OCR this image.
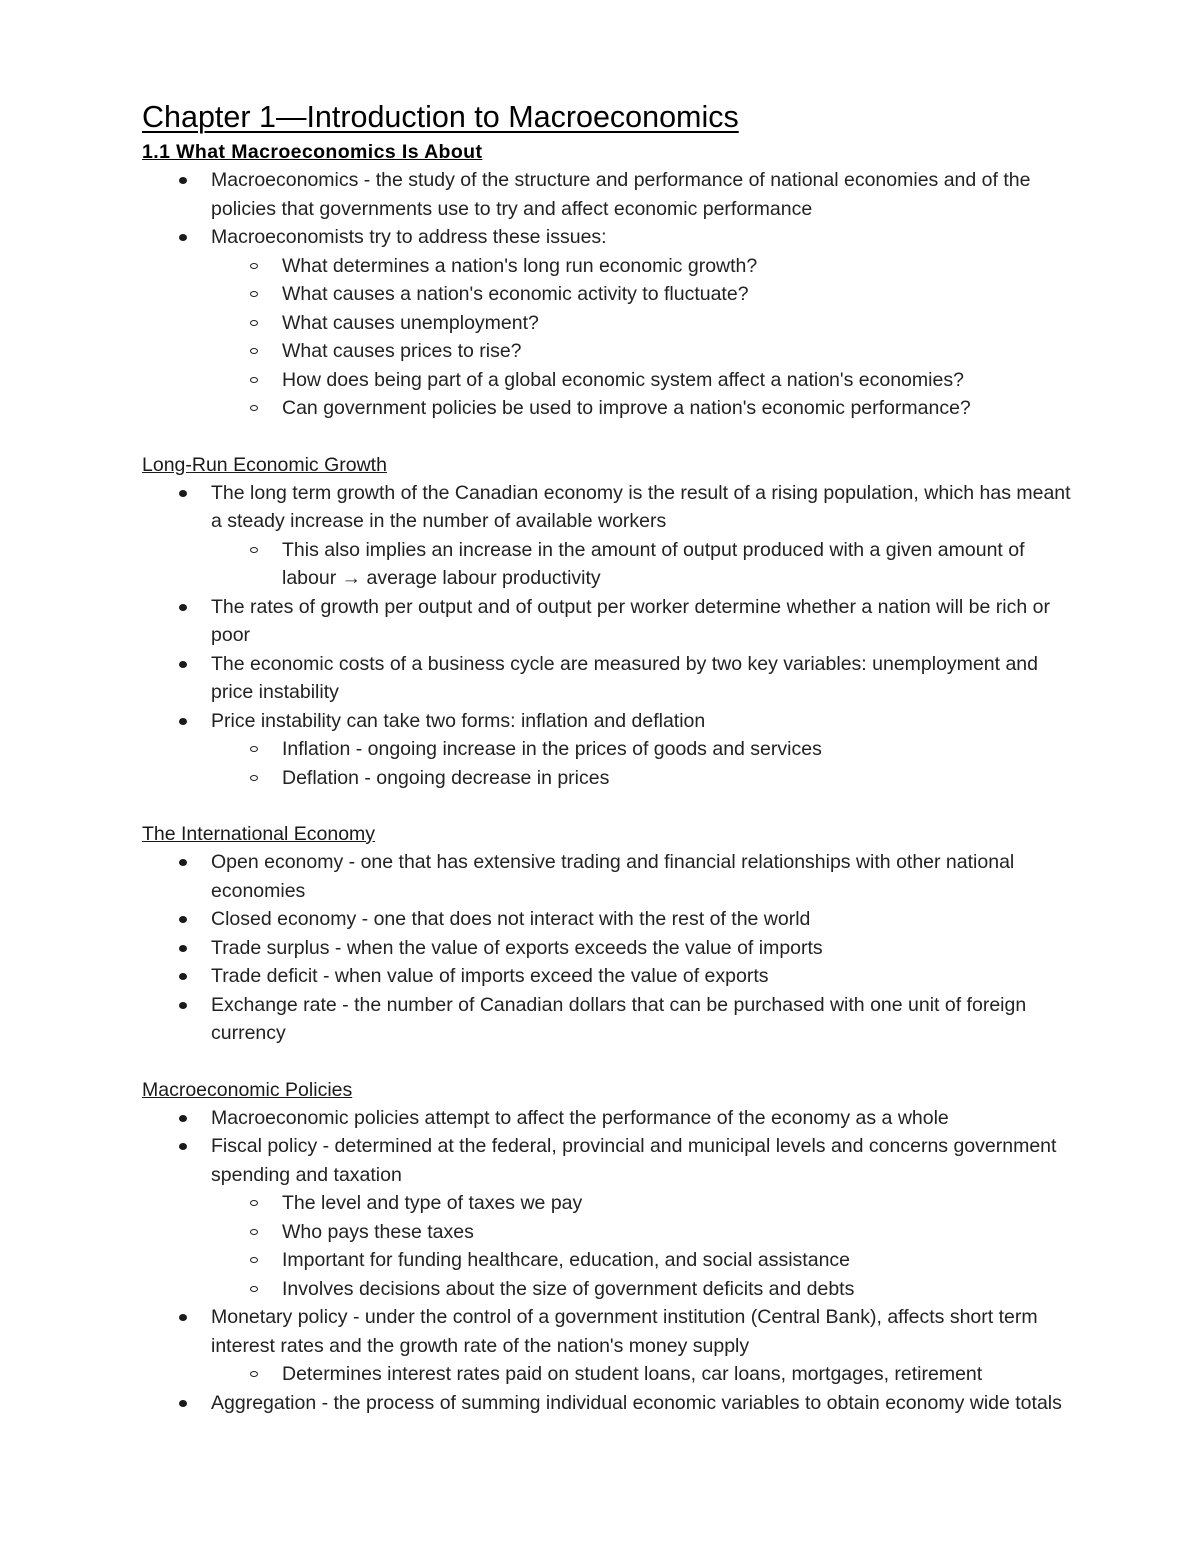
Chapter 1—Introduction to Macroeconomics
1.1 What Macroeconomics Is About
Macroeconomics - the study of the structure and performance of national economies and of the policies that governments use to try and affect economic performance
Macroeconomists try to address these issues:
What determines a nation's long run economic growth?
What causes a nation's economic activity to fluctuate?
What causes unemployment?
What causes prices to rise?
How does being part of a global economic system affect a nation's economies?
Can government policies be used to improve a nation's economic performance?
Long-Run Economic Growth
The long term growth of the Canadian economy is the result of a rising population, which has meant a steady increase in the number of available workers
This also implies an increase in the amount of output produced with a given amount of labour → average labour productivity
The rates of growth per output and of output per worker determine whether a nation will be rich or poor
The economic costs of a business cycle are measured by two key variables: unemployment and price instability
Price instability can take two forms: inflation and deflation
Inflation - ongoing increase in the prices of goods and services
Deflation - ongoing decrease in prices
The International Economy
Open economy - one that has extensive trading and financial relationships with other national economies
Closed economy - one that does not interact with the rest of the world
Trade surplus - when the value of exports exceeds the value of imports
Trade deficit - when value of imports exceed the value of exports
Exchange rate - the number of Canadian dollars that can be purchased with one unit of foreign currency
Macroeconomic Policies
Macroeconomic policies attempt to affect the performance of the economy as a whole
Fiscal policy - determined at the federal, provincial and municipal levels and concerns government spending and taxation
The level and type of taxes we pay
Who pays these taxes
Important for funding healthcare, education, and social assistance
Involves decisions about the size of government deficits and debts
Monetary policy - under the control of a government institution (Central Bank), affects short term interest rates and the growth rate of the nation's money supply
Determines interest rates paid on student loans, car loans, mortgages, retirement
Aggregation - the process of summing individual economic variables to obtain economy wide totals
